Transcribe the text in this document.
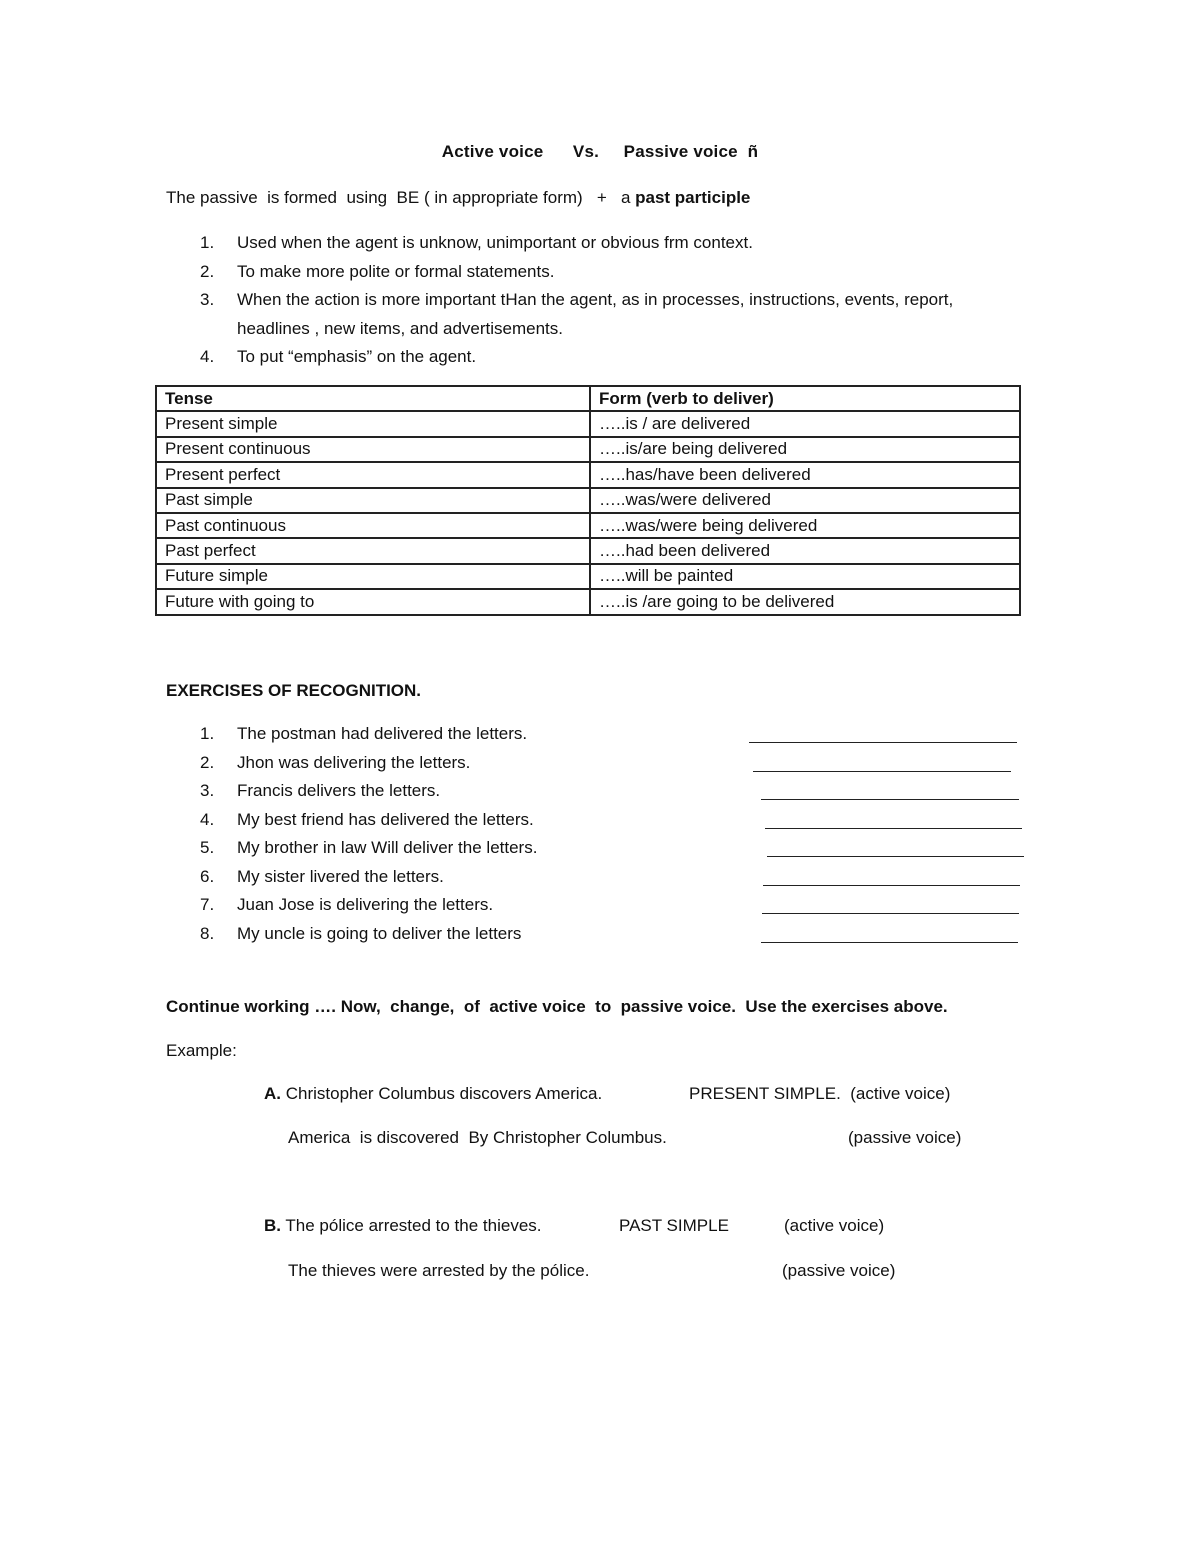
Active voice      Vs.     Passive voice  ñ
The passive  is formed  using  BE ( in appropriate form)   +   a past participle
1. Used when the agent is unknow, unimportant or obvious frm context.
2. To make more polite or formal statements.
3. When the action is more important tHan the agent, as in processes, instructions, events, report, headlines , new items, and advertisements.
4. To put “emphasis” on the agent.
Tense	Form (verb to deliver)
Present simple	…..is / are delivered
Present continuous	…..is/are being delivered
Present perfect	…..has/have been delivered
Past simple	…..was/were delivered
Past continuous	…..was/were being delivered
Past perfect	…..had been delivered
Future simple	…..will be painted
Future with going to	…..is /are going to be delivered
EXERCISES OF RECOGNITION.
1. The postman had delivered the letters.
2. Jhon was delivering the letters.
3. Francis delivers the letters.
4. My best friend has delivered the letters.
5. My brother in law Will deliver the letters.
6. My sister livered the letters.
7. Juan Jose is delivering the letters.
8. My uncle is going to deliver the letters
Continue working …. Now,  change,  of  active voice  to  passive voice.  Use the exercises above.
Example:
A. Christopher Columbus discovers America.	PRESENT SIMPLE.  (active voice)
America  is discovered  By Christopher Columbus.	(passive voice)
B. The pólice arrested to the thieves.	PAST SIMPLE	(active voice)
The thieves were arrested by the pólice.	(passive voice)
